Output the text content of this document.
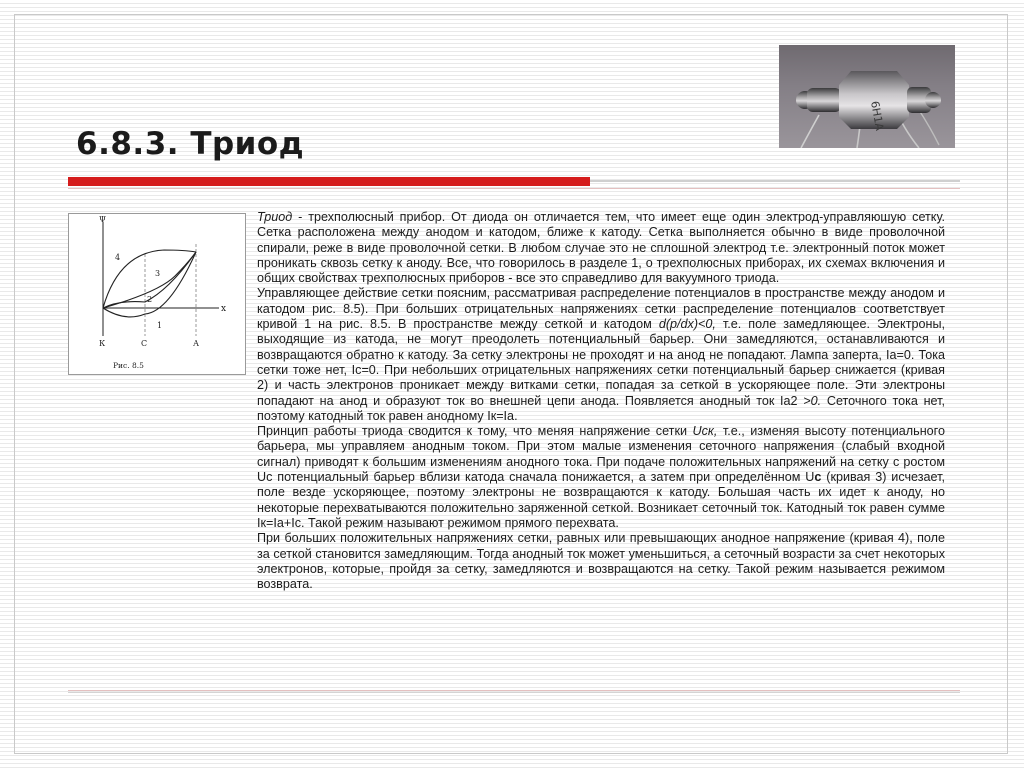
6Н1А
6.8.3. Триод
Ψ
x
4
3
2
1
К	С	А
Рис. 8.5

Триод - трехполюсный прибор. От диода он отличается тем, что имеет еще один электрод-управляюшую сетку. Сетка расположена между анодом и катодом, ближе к катоду. Сетка выполняется обычно в виде проволочной спирали, реже в виде проволочной сетки. В любом случае это не сплошной электрод т.е. электронный поток может проникать сквозь сетку к аноду. Все, что говорилось в разделе 1, о трехполюсных приборах, их схемах включения и общих свойствах трехполюсных приборов - все это справедливо для вакуумного триода.

Управляющее действие сетки поясним, рассматривая распределение потенциалов в пространстве между анодом и катодом рис. 8.5). При больших отрицательных напряжениях сетки распределение потенциалов соответствует кривой 1 на рис. 8.5. В пространстве между сеткой и катодом d(p/dx)<0, т.е. поле замедляющее. Электроны, выходящие из катода, не могут преодолеть потенциальный барьер. Они замедляются, останавливаются и возвращаются обратно к катоду. За сетку электроны не проходят и на анод не попадают. Лампа заперта, Iа=0. Тока сетки тоже нет, Iс=0. При небольших отрицательных напряжениях сетки потенциальный барьер снижается (кривая 2) и часть электронов проникает между витками сетки, попадая за сеткой в ускоряющее поле. Эти электроны попадают на анод и образуют ток во внешней цепи анода. Появляется анодный ток Iа2 >0. Сеточного тока нет, поэтому катодный ток равен анодному Iк=Iа.

Принцип работы триода сводится к тому, что меняя напряжение сетки Uск, т.е., изменяя высоту потенциального барьера, мы управляем анодным током. При этом малые изменения сеточного напряжения (слабый входной сигнал) приводят к большим изменениям анодного тока. При подаче положительных напряжений на сетку с ростом Uс потенциальный барьер вблизи катода сначала понижается, а затем при определённом Uс (кривая 3) исчезает, поле везде ускоряющее, поэтому электроны не возвращаются к катоду. Большая часть их идет к аноду, но некоторые перехватываются положительно заряженной сеткой. Возникает сеточный ток. Катодный ток равен сумме Iк=Iа+Iс. Такой режим называют режимом прямого перехвата.

При больших положительных напряжениях сетки, равных или превышающих анодное напряжение (кривая 4), поле за сеткой становится замедляющим. Тогда анодный ток может уменьшиться, а сеточный возрасти за счет некоторых электронов, которые, пройдя за сетку, замедляются и возвращаются на сетку. Такой режим называется режимом возврата.
